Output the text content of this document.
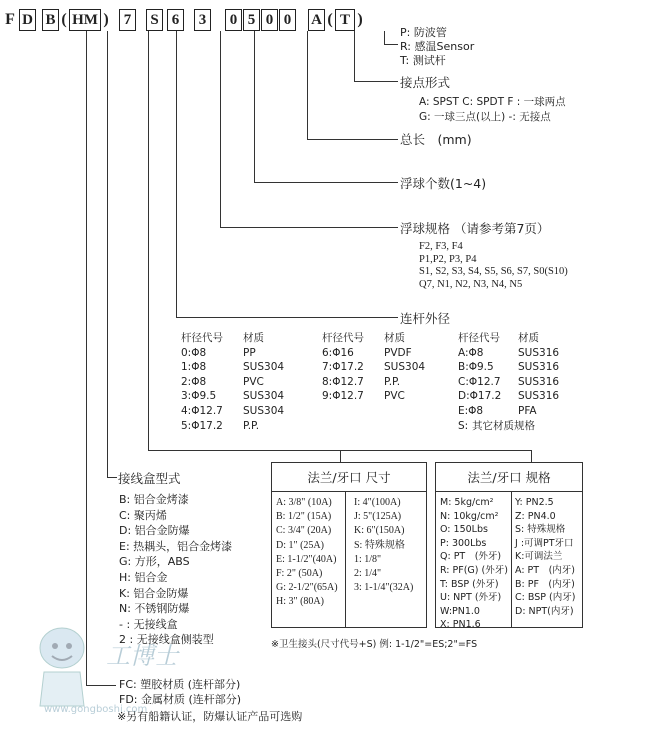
F D B ( HM )	7	S 6	3	0 5 0 0	A ( T )
P: 防波管
R: 感温Sensor
T: 测试杆
接点形式
A: SPST C: SPDT F : 一球两点
G: 一球三点(以上) -: 无接点
总长　(mm)
浮球个数(1~4)
浮球规格 （请参考第7页）
F2, F3, F4
P1,P2, P3, P4
S1, S2, S3, S4, S5, S6, S7, S0(S10)
Q7, N1, N2, N3, N4, N5
连杆外径
杆径代号 材质
0:Φ8	PP
1:Φ8	SUS304
2:Φ8	PVC
3:Φ9.5	SUS304
4:Φ12.7 SUS304
5:Φ17.2 P.P.
杆径代号 材质
6:Φ16	PVDF
7:Φ17.2 SUS304
8:Φ12.7 P.P.
9:Φ12.7 PVC
杆径代号 材质
A:Φ8	SUS316
B:Φ9.5 SUS316
C:Φ12.7 SUS316
D:Φ17.2 SUS316
E:Φ8	PFA
S: 其它材质规格
法兰/牙口 尺寸
A: 3/8" (10A)
B: 1/2" (15A)
C: 3/4" (20A)
D: 1" (25A)
E: 1-1/2"(40A)
F: 2" (50A)
G: 2-1/2"(65A)
H: 3" (80A)
I: 4"(100A)
J: 5"(125A)
K: 6"(150A)
S: 特殊规格
1: 1/8"
2: 1/4"
3: 1-1/4"(32A)
法兰/牙口 规格
M: 5kg/cm²
N: 10kg/cm²
O: 150Lbs
P: 300Lbs
Q: PT　(外牙)
R: PF(G) (外牙)
T: BSP (外牙)
U: NPT (外牙)
W:PN1.0
X: PN1.6
Y: PN2.5
Z: PN4.0
S: 特殊规格
J :可调PT牙口
K:可调法兰
A: PT　(内牙)
B: PF　(内牙)
C: BSP (内牙)
D: NPT(内牙)
※卫生接头(尺寸代号+S) 例: 1-1/2"=ES;2"=FS
接线盒型式
B: 铝合金烤漆
C: 聚丙烯
D: 铝合金防爆
E: 热耦头，铝合金烤漆
G: 方形，ABS
H: 铝合金
K: 铝合金防爆
N: 不锈钢防爆
- : 无接线盒
2 : 无接线盒侧装型
FC: 塑胶材质 (连杆部分)
FD: 金属材质 (连杆部分)
※另有船籍认证，防爆认证产品可选购
工博士
www.gongboshi.com
